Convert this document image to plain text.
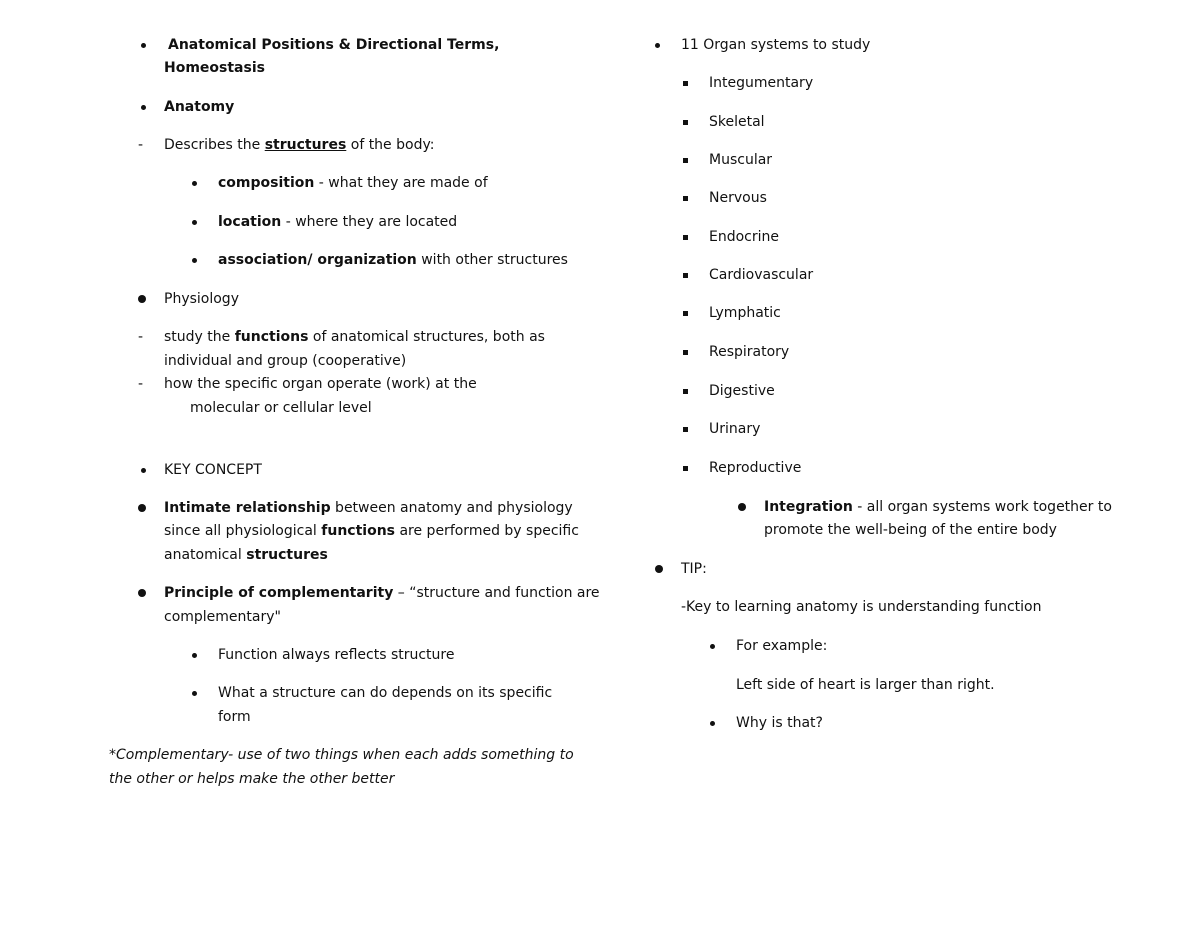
Anatomical Positions & Directional Terms,
Homeostasis
Anatomy
- Describes the structures of the body:
composition - what they are made of
location - where they are located
association/ organization with other structures
Physiology
- study the functions of anatomical structures, both as
individual and group (cooperative)
- how the specific organ operate (work) at the
molecular or cellular level
KEY CONCEPT
Intimate relationship between anatomy and physiology
since all physiological functions are performed by specific
anatomical structures
Principle of complementarity – “structure and function are
complementary"
Function always reflects structure
What a structure can do depends on its specific
form
*Complementary- use of two things when each adds something to
the other or helps make the other better
11 Organ systems to study
Integumentary
Skeletal
Muscular
Nervous
Endocrine
Cardiovascular
Lymphatic
Respiratory
Digestive
Urinary
Reproductive
Integration - all organ systems work together to
promote the well-being of the entire body
TIP:
-Key to learning anatomy is understanding function
For example:
Left side of heart is larger than right.
Why is that?
